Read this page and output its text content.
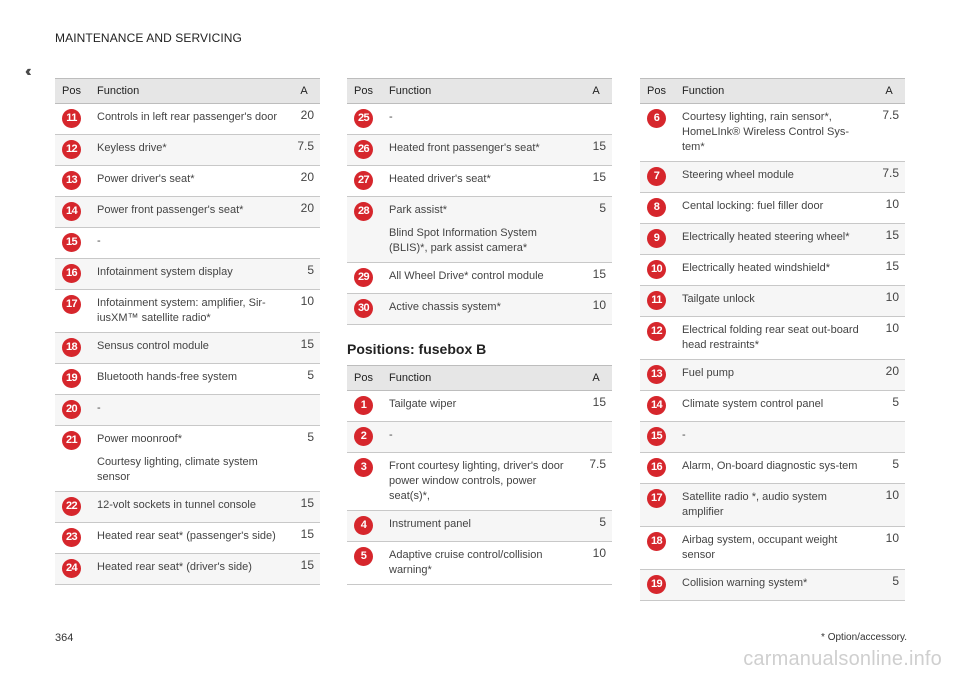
MAINTENANCE AND SERVICING
‹‹
Pos	Function	A
11	Controls in left rear passenger's door	20
12	Keyless drive*	7.5
13	Power driver's seat*	20
14	Power front passenger's seat*	20
15	-	

16	Infotainment system display	5
17	Infotainment system: amplifier, Sir-iusXM™ satellite radio*	10
18	Sensus control module	15
19	Bluetooth hands-free system	5
20	-	

21	Power moonroof*
Courtesy lighting, climate system sensor	5
22	12-volt sockets in tunnel console	15
23	Heated rear seat* (passenger's side)	15
24	Heated rear seat* (driver's side)	15
Pos	Function	A
25	-	

26	Heated front passenger's seat*	15
27	Heated driver's seat*	15
28	Park assist*
Blind Spot Information System (BLIS)*, park assist camera*	5
29	All Wheel Drive* control module	15
30	Active chassis system*	10
Positions: fusebox B
Pos	Function	A
1	Tailgate wiper	15
2	-	

3	Front courtesy lighting, driver's door power window controls, power seat(s)*,	7.5
4	Instrument panel	5
5	Adaptive cruise control/collision warning*	10
Pos	Function	A
6	Courtesy lighting, rain sensor*, HomeLInk® Wireless Control Sys-tem*	7.5
7	Steering wheel module	7.5
8	Cental locking: fuel filler door	10
9	Electrically heated steering wheel*	15
10	Electrically heated windshield*	15
11	Tailgate unlock	10
12	Electrical folding rear seat out-board head restraints*	10
13	Fuel pump	20
14	Climate system control panel	5
15	-	

16	Alarm, On-board diagnostic sys-tem	5
17	Satellite radio *, audio system amplifier	10
18	Airbag system, occupant weight sensor	10
19	Collision warning system*	5
364	* Option/accessory.
carmanualsonline.info
